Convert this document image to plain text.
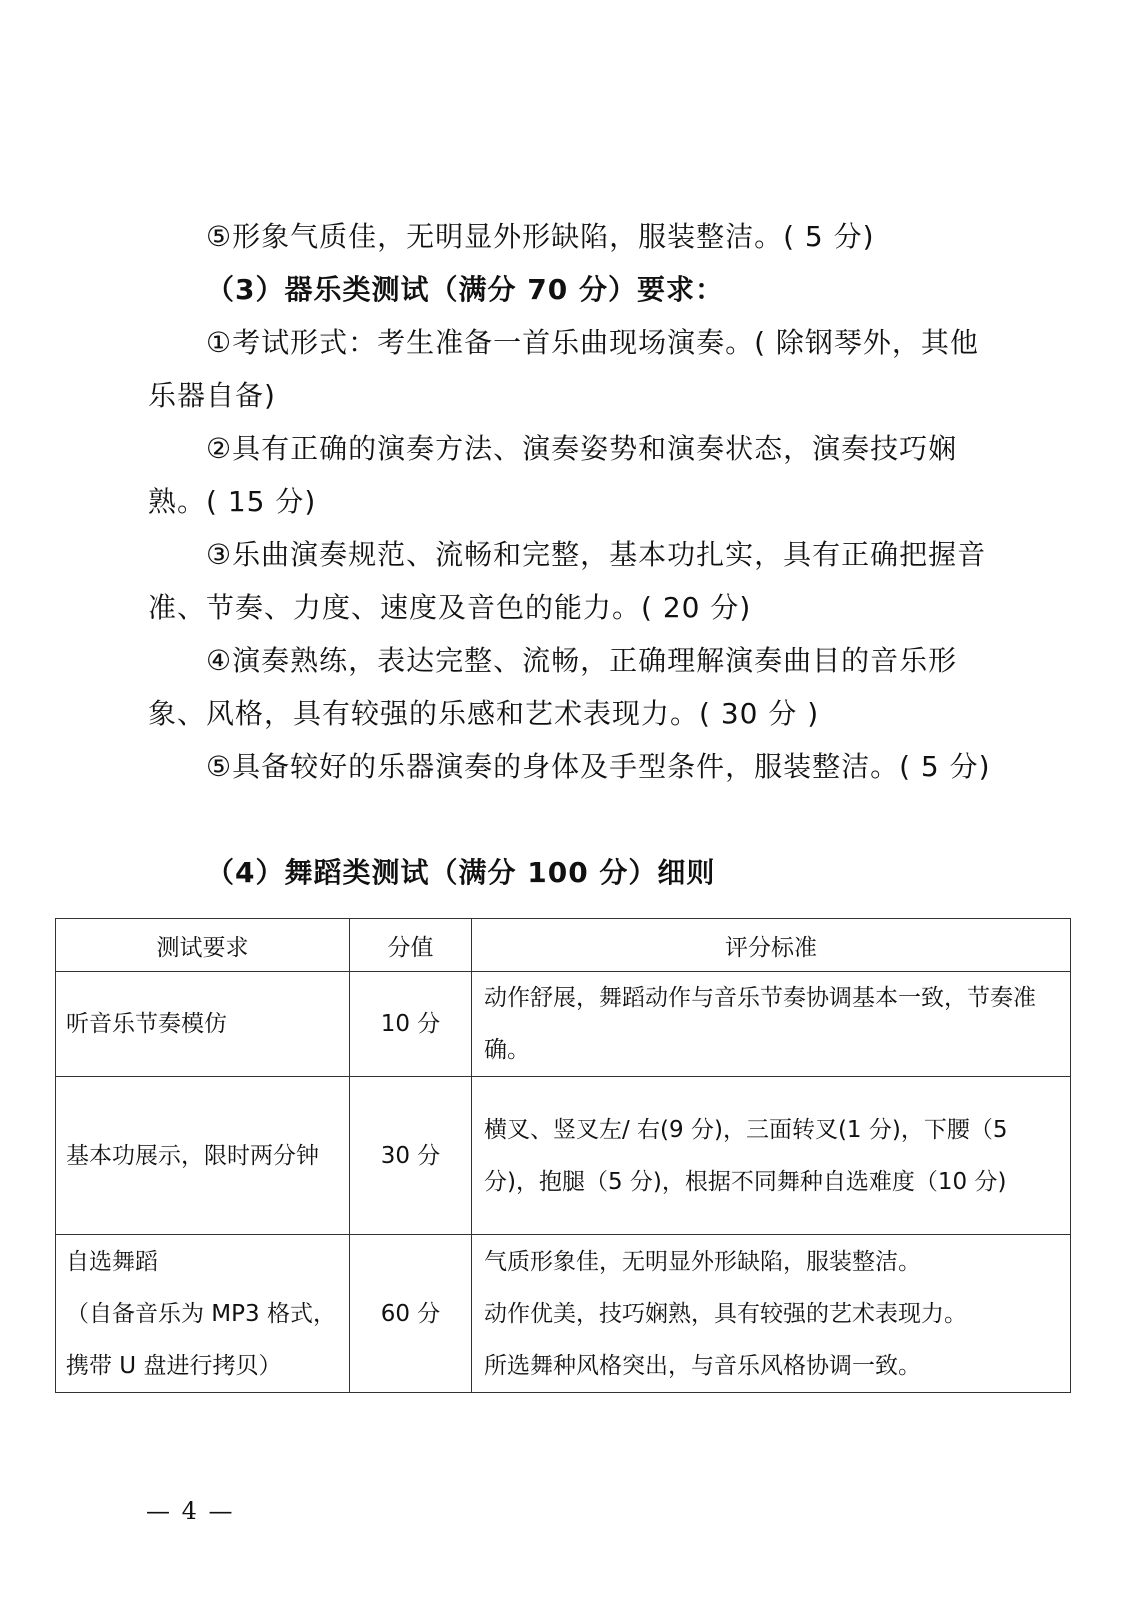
⑤形象气质佳，无明显外形缺陷，服装整洁。( 5 分)

（3）器乐类测试（满分 70 分）要求：

①考试形式：考生准备一首乐曲现场演奏。( 除钢琴外，其他乐器自备)

②具有正确的演奏方法、演奏姿势和演奏状态，演奏技巧娴熟。( 15 分)

③乐曲演奏规范、流畅和完整，基本功扎实，具有正确把握音准、节奏、力度、速度及音色的能力。( 20 分)

④演奏熟练，表达完整、流畅，正确理解演奏曲目的音乐形象、风格，具有较强的乐感和艺术表现力。( 30 分 )

⑤具备较好的乐器演奏的身体及手型条件，服装整洁。( 5 分)

（4）舞蹈类测试（满分 100 分）细则

测试要求	分值	评分标准
听音乐节奏模仿	10 分	动作舒展，舞蹈动作与音乐节奏协调基本一致，节奏准确。
基本功展示，限时两分钟	30 分	横叉、竖叉左/ 右(9 分)，三面转叉(1 分)，下腰（5 分)，抱腿（5 分)，根据不同舞种自选难度（10 分)

自选舞蹈
（自备音乐为 MP3 格式，
携带 U 盘进行拷贝）	60 分	气质形象佳，无明显外形缺陷，服装整洁。
动作优美，技巧娴熟，具有较强的艺术表现力。
所选舞种风格突出，与音乐风格协调一致。
— 4 —
